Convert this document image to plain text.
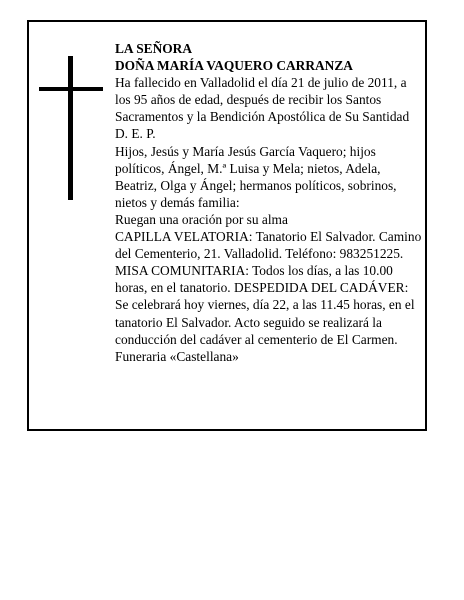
LA SEÑORA

DOÑA MARÍA VAQUERO CARRANZA

Ha fallecido en Valladolid el día 21 de julio de 2011, a los 95 años de edad, después de recibir los Santos Sacramentos y la Bendición Apostólica de Su Santidad D. E. P.

Hijos, Jesús y María Jesús García Vaquero; hijos políticos, Ángel, M.ª Luisa y Mela; nietos, Adela, Beatriz, Olga y Ángel; hermanos políticos, sobrinos, nietos y demás familia:

Ruegan una oración por su alma

CAPILLA VELATORIA: Tanatorio El Salvador. Camino del Cementerio, 21. Valladolid. Teléfono: 983251225.

MISA COMUNITARIA: Todos los días, a las 10.00 horas, en el tanatorio. DESPEDIDA DEL CADÁVER: Se celebrará hoy viernes, día 22, a las 11.45 horas, en el tanatorio El Salvador. Acto seguido se realizará la conducción del cadáver al cementerio de El Carmen.

Funeraria «Castellana»
